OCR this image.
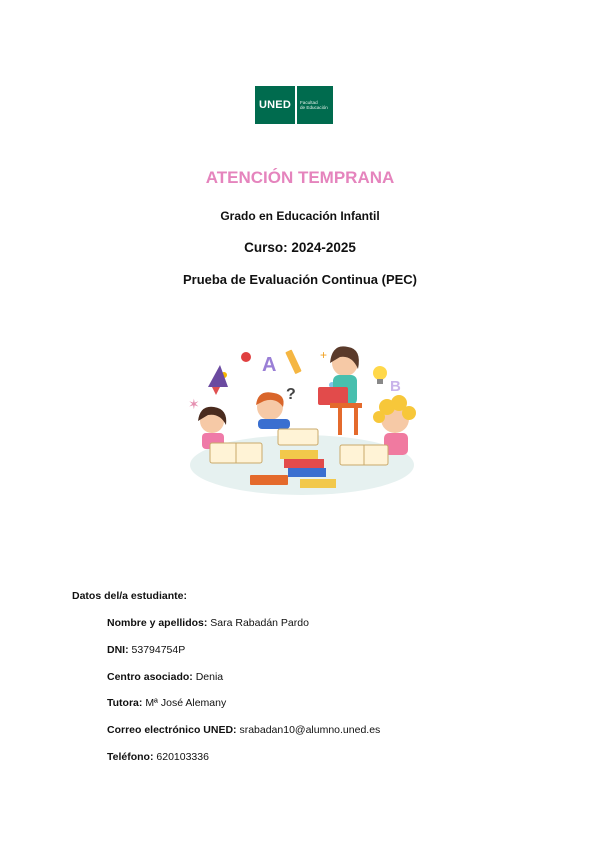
UNED	Facultad
de Educación
ATENCIÓN TEMPRANA
Grado en Educación Infantil
Curso: 2024-2025
Prueba de Evaluación Continua (PEC)
A
B
?
✶
+
Datos del/a estudiante:
Nombre y apellidos: Sara Rabadán Pardo
DNI: 53794754P
Centro asociado: Denia
Tutora: Mª José Alemany
Correo electrónico UNED: srabadan10@alumno.uned.es
Teléfono: 620103336
